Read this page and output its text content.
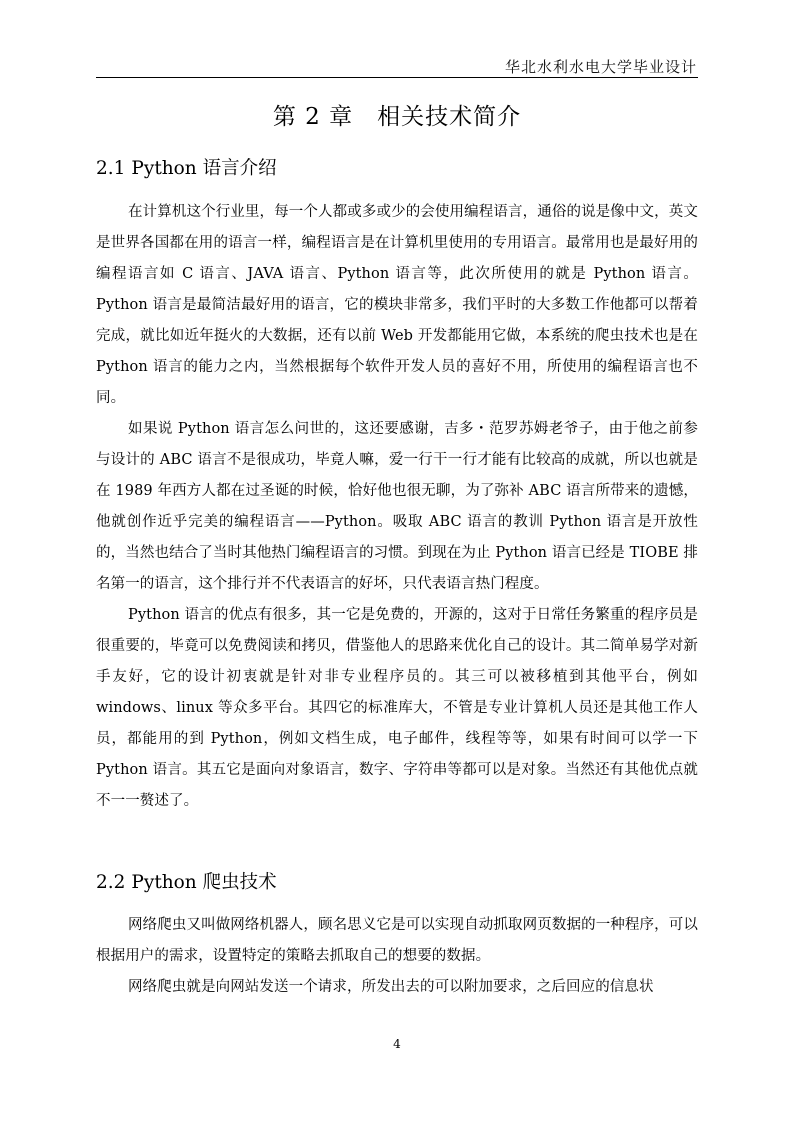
华北水利水电大学毕业设计
第 2 章　相关技术简介
2.1 Python 语言介绍

在计算机这个行业里，每一个人都或多或少的会使用编程语言，通俗的说是像中文，英文是世界各国都在用的语言一样，编程语言是在计算机里使用的专用语言。最常用也是最好用的编程语言如 C 语言、JAVA 语言、Python 语言等，此次所使用的就是 Python 语言。Python 语言是最简洁最好用的语言，它的模块非常多，我们平时的大多数工作他都可以帮着完成，就比如近年挺火的大数据，还有以前 Web 开发都能用它做，本系统的爬虫技术也是在 Python 语言的能力之内，当然根据每个软件开发人员的喜好不用，所使用的编程语言也不同。

如果说 Python 语言怎么问世的，这还要感谢，吉多・范罗苏姆老爷子，由于他之前参与设计的 ABC 语言不是很成功，毕竟人嘛，爱一行干一行才能有比较高的成就，所以也就是在 1989 年西方人都在过圣诞的时候，恰好他也很无聊，为了弥补 ABC 语言所带来的遗憾，他就创作近乎完美的编程语言——Python。吸取 ABC 语言的教训 Python 语言是开放性的，当然也结合了当时其他热门编程语言的习惯。到现在为止 Python 语言已经是 TIOBE 排名第一的语言，这个排行并不代表语言的好坏，只代表语言热门程度。

Python 语言的优点有很多，其一它是免费的，开源的，这对于日常任务繁重的程序员是很重要的，毕竟可以免费阅读和拷贝，借鉴他人的思路来优化自己的设计。其二简单易学对新手友好，它的设计初衷就是针对非专业程序员的。其三可以被移植到其他平台，例如 windows、linux 等众多平台。其四它的标准库大，不管是专业计算机人员还是其他工作人员，都能用的到 Python，例如文档生成，电子邮件，线程等等，如果有时间可以学一下 Python 语言。其五它是面向对象语言，数字、字符串等都可以是对象。当然还有其他优点就不一一赘述了。

2.2 Python 爬虫技术

网络爬虫又叫做网络机器人，顾名思义它是可以实现自动抓取网页数据的一种程序，可以根据用户的需求，设置特定的策略去抓取自己的想要的数据。

网络爬虫就是向网站发送一个请求，所发出去的可以附加要求，之后回应的信息状

4
